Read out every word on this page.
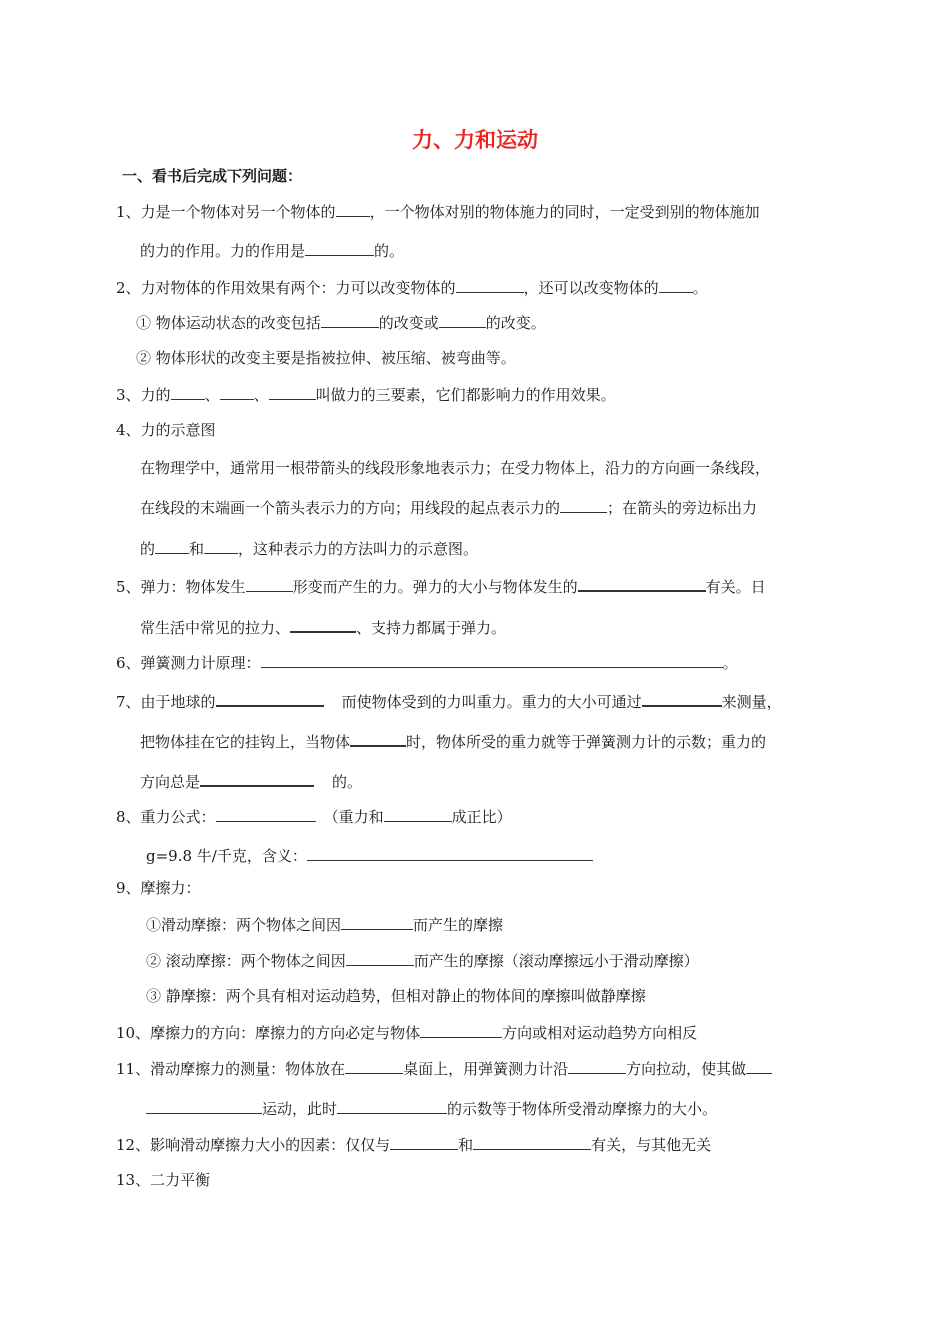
力、力和运动
一、看书后完成下列问题：
1、力是一个物体对另一个物体的 ，一个物体对别的物体施力的同时，一定受到别的物体施加
的力的作用。力的作用是	的。
2、力对物体的作用效果有两个：力可以改变物体的	，还可以改变物体的 。
① 物体运动状态的改变包括	的改变或	的改变。
② 物体形状的改变主要是指被拉伸、被压缩、被弯曲等。
3、力的 、 、	叫做力的三要素，它们都影响力的作用效果。
4、力的示意图
在物理学中，通常用一根带箭头的线段形象地表示力；在受力物体上，沿力的方向画一条线段，
在线段的末端画一个箭头表示力的方向；用线段的起点表示力的	；在箭头的旁边标出力
的 和 ，这种表示力的方法叫力的示意图。
5、弹力：物体发生	形变而产生的力。弹力的大小与物体发生的	有关。日
常生活中常见的拉力、	、支持力都属于弹力。
6、弹簧测力计原理：	。
7、由于地球的	而使物体受到的力叫重力。重力的大小可通过	来测量，
把物体挂在它的挂钩上，当物体	时，物体所受的重力就等于弹簧测力计的示数；重力的
方向总是	的。
8、重力公式：	（重力和	成正比）
g=9.8 牛/千克，含义：
9、摩擦力：
①滑动摩擦：两个物体之间因	而产生的摩擦
② 滚动摩擦：两个物体之间因	而产生的摩擦（滚动摩擦远小于滑动摩擦）
③ 静摩擦：两个具有相对运动趋势，但相对静止的物体间的摩擦叫做静摩擦
10、摩擦力的方向：摩擦力的方向必定与物体	方向或相对运动趋势方向相反
11、滑动摩擦力的测量：物体放在	桌面上，用弹簧测力计沿	方向拉动，使其做
运动，此时	的示数等于物体所受滑动摩擦力的大小。
12、影响滑动摩擦力大小的因素：仅仅与	和	有关，与其他无关
13、二力平衡
